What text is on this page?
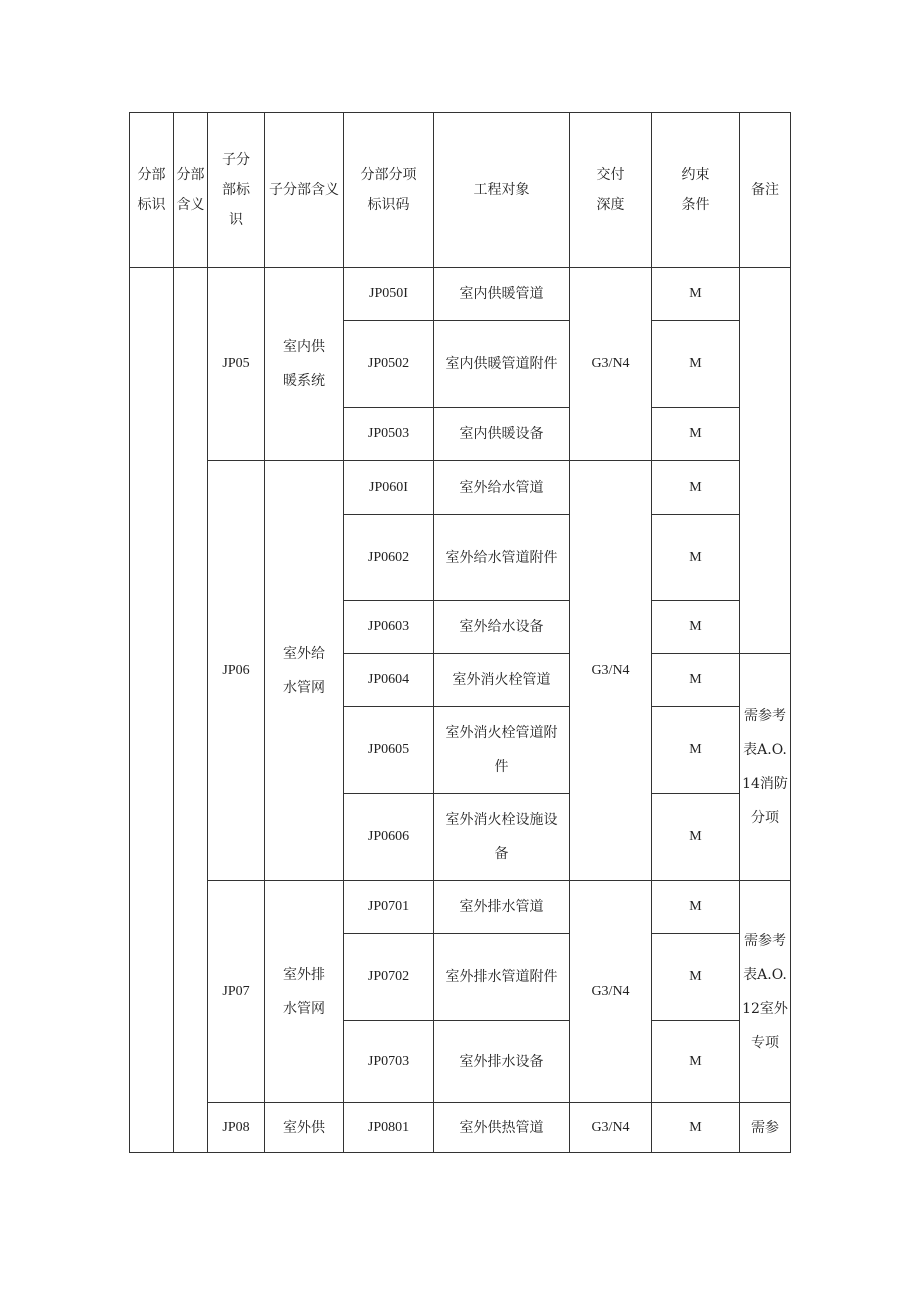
分部标识	分部含义	子分部标识	子分部含义	分部分项标识码	工程对象	交付深度	约束条件	备注
		JP05	室内供暖系统	JP050I	室内供暖管道	G3/N4	M	
				JP0502	室内供暖管道附件		M	
				JP0503	室内供暖设备		M	
		JP06	室外给水管网	JP060I	室外给水管道	G3/N4	M	
				JP0602	室外给水管道附件		M	
				JP0603	室外给水设备		M	
				JP0604	室外消火栓管道		M	需参考表A.O.14消防分项
				JP0605	室外消火栓管道附件		M	
				JP0606	室外消火栓设施设备		M	
		JP07	室外排水管网	JP0701	室外排水管道	G3/N4	M	需参考表A.O.12室外专项
				JP0702	室外排水管道附件		M	
				JP0703	室外排水设备		M	
		JP08	室外供	JP0801	室外供热管道	G3/N4	M	需参
